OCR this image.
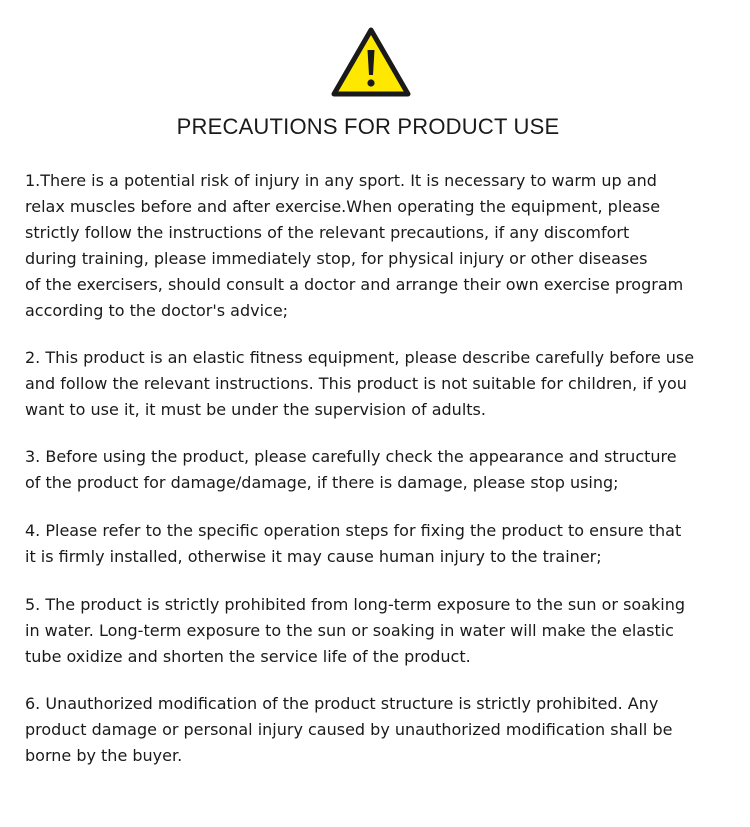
PRECAUTIONS FOR PRODUCT USE
1.There is a potential risk of injury in any sport. It is necessary to warm up and
relax muscles before and after exercise.When operating the equipment, please
strictly follow the instructions of the relevant precautions, if any discomfort
during training, please immediately stop, for physical injury or other diseases
of the exercisers, should consult a doctor and arrange their own exercise program
according to the doctor's advice;
2. This product is an elastic fitness equipment, please describe carefully before use
and follow the relevant instructions. This product is not suitable for children, if you
want to use it, it must be under the supervision of adults.
3. Before using the product, please carefully check the appearance and structure
of the product for damage/damage, if there is damage, please stop using;
4. Please refer to the specific operation steps for fixing the product to ensure that
it is firmly installed, otherwise it may cause human injury to the trainer;
5. The product is strictly prohibited from long-term exposure to the sun or soaking
in water. Long-term exposure to the sun or soaking in water will make the elastic
tube oxidize and shorten the service life of the product.
6. Unauthorized modification of the product structure is strictly prohibited. Any
product damage or personal injury caused by unauthorized modification shall be
borne by the buyer.
